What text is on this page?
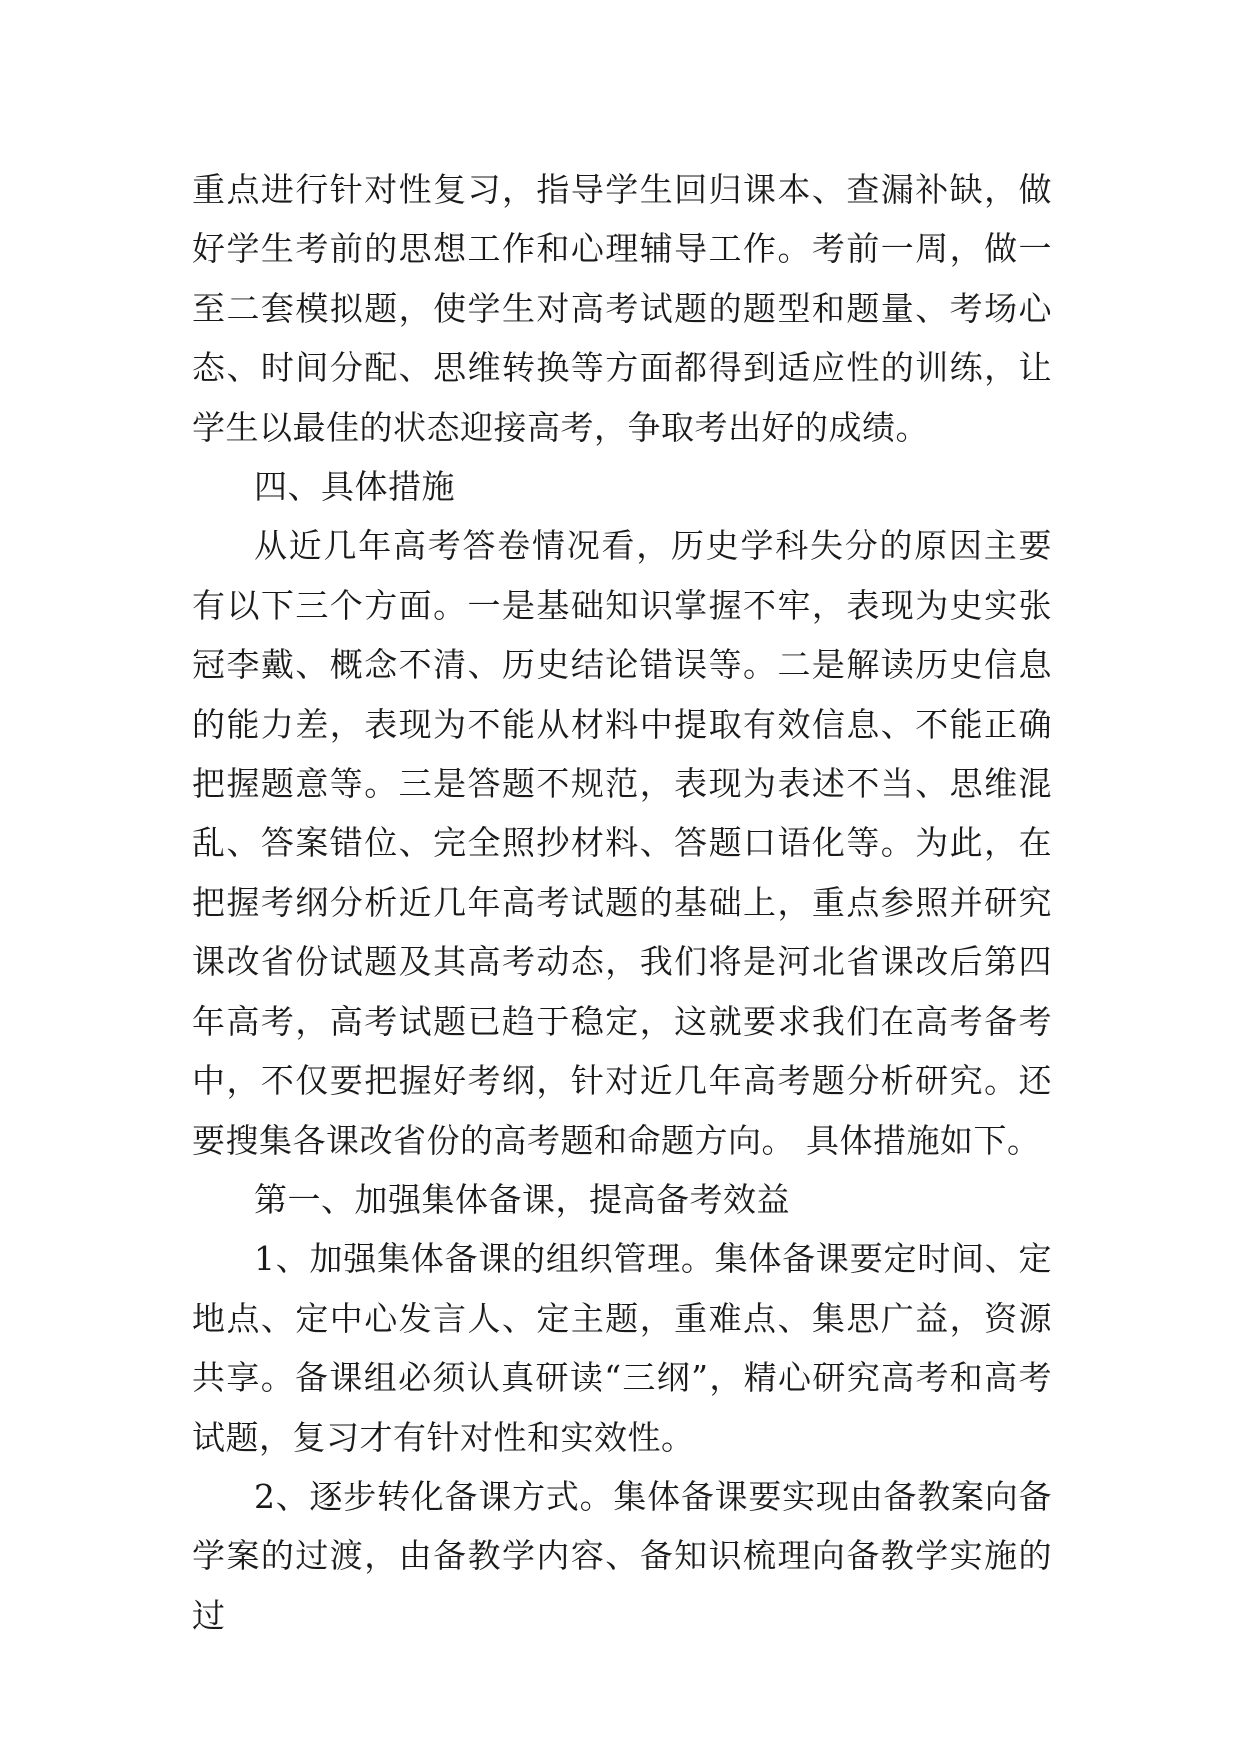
重点进行针对性复习，指导学生回归课本、查漏补缺，做好学生考前的思想工作和心理辅导工作。考前一周，做一至二套模拟题，使学生对高考试题的题型和题量、考场心态、时间分配、思维转换等方面都得到适应性的训练，让学生以最佳的状态迎接高考，争取考出好的成绩。

四、具体措施

从近几年高考答卷情况看，历史学科失分的原因主要有以下三个方面。一是基础知识掌握不牢，表现为史实张冠李戴、概念不清、历史结论错误等。二是解读历史信息的能力差，表现为不能从材料中提取有效信息、不能正确把握题意等。三是答题不规范，表现为表述不当、思维混乱、答案错位、完全照抄材料、答题口语化等。为此，在把握考纲分析近几年高考试题的基础上，重点参照并研究课改省份试题及其高考动态，我们将是河北省课改后第四年高考，高考试题已趋于稳定，这就要求我们在高考备考中，不仅要把握好考纲，针对近几年高考题分析研究。还要搜集各课改省份的高考题和命题方向。 具体措施如下。

第一、加强集体备课，提高备考效益

1、加强集体备课的组织管理。集体备课要定时间、定地点、定中心发言人、定主题，重难点、集思广益，资源共享。备课组必须认真研读“三纲”，精心研究高考和高考试题，复习才有针对性和实效性。

2、逐步转化备课方式。集体备课要实现由备教案向备学案的过渡，由备教学内容、备知识梳理向备教学实施的过
